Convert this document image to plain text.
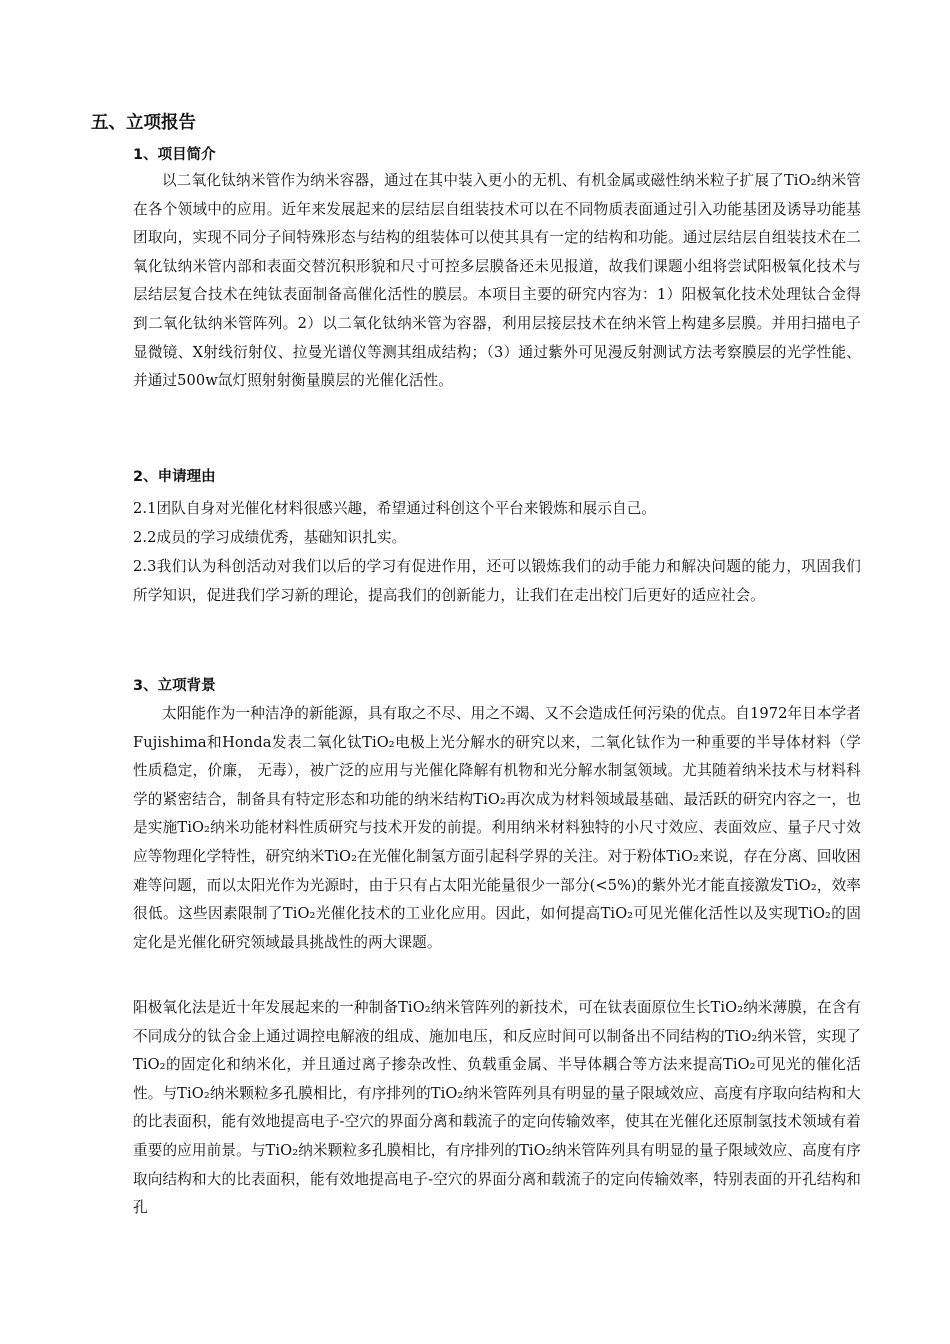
五、立项报告
1、项目简介

以二氧化钛纳米管作为纳米容器，通过在其中装入更小的无机、有机金属或磁性纳米粒子扩展了TiO₂纳米管在各个领域中的应用。近年来发展起来的层结层自组装技术可以在不同物质表面通过引入功能基团及诱导功能基团取向，实现不同分子间特殊形态与结构的组装体可以使其具有一定的结构和功能。通过层结层自组装技术在二氧化钛纳米管内部和表面交替沉积形貌和尺寸可控多层膜备还未见报道，故我们课题小组将尝试阳极氧化技术与层结层复合技术在纯钛表面制备高催化活性的膜层。本项目主要的研究内容为：1）阳极氧化技术处理钛合金得到二氧化钛纳米管阵列。2）以二氧化钛纳米管为容器，利用层接层技术在纳米管上构建多层膜。并用扫描电子显微镜、X射线衍射仪、拉曼光谱仪等测其组成结构；（3）通过紫外可见漫反射测试方法考察膜层的光学性能、并通过500w氙灯照射射衡量膜层的光催化活性。

2、申请理由

2.1团队自身对光催化材料很感兴趣，希望通过科创这个平台来锻炼和展示自己。

2.2成员的学习成绩优秀，基础知识扎实。

2.3我们认为科创活动对我们以后的学习有促进作用，还可以锻炼我们的动手能力和解决问题的能力，巩固我们所学知识，促进我们学习新的理论，提高我们的创新能力，让我们在走出校门后更好的适应社会。

3、立项背景

太阳能作为一种洁净的新能源，具有取之不尽、用之不竭、又不会造成任何污染的优点。自1972年日本学者Fujishima和Honda发表二氧化钛TiO₂电极上光分解水的研究以来，二氧化钛作为一种重要的半导体材料（学性质稳定，价廉， 无毒），被广泛的应用与光催化降解有机物和光分解水制氢领域。尤其随着纳米技术与材料科学的紧密结合，制备具有特定形态和功能的纳米结构TiO₂再次成为材料领域最基础、最活跃的研究内容之一，也是实施TiO₂纳米功能材料性质研究与技术开发的前提。利用纳米材料独特的小尺寸效应、表面效应、量子尺寸效应等物理化学特性，研究纳米TiO₂在光催化制氢方面引起科学界的关注。对于粉体TiO₂来说，存在分离、回收困难等问题，而以太阳光作为光源时，由于只有占太阳光能量很少一部分(<5%)的紫外光才能直接激发TiO₂，效率很低。这些因素限制了TiO₂光催化技术的工业化应用。因此，如何提高TiO₂可见光催化活性以及实现TiO₂的固定化是光催化研究领域最具挑战性的两大课题。

阳极氧化法是近十年发展起来的一种制备TiO₂纳米管阵列的新技术，可在钛表面原位生长TiO₂纳米薄膜，在含有不同成分的钛合金上通过调控电解液的组成、施加电压，和反应时间可以制备出不同结构的TiO₂纳米管，实现了TiO₂的固定化和纳米化，并且通过离子掺杂改性、负载重金属、半导体耦合等方法来提高TiO₂可见光的催化活性。与TiO₂纳米颗粒多孔膜相比，有序排列的TiO₂纳米管阵列具有明显的量子限域效应、高度有序取向结构和大的比表面积，能有效地提高电子-空穴的界面分离和载流子的定向传输效率，使其在光催化还原制氢技术领域有着重要的应用前景。与TiO₂纳米颗粒多孔膜相比，有序排列的TiO₂纳米管阵列具有明显的量子限域效应、高度有序取向结构和大的比表面积，能有效地提高电子-空穴的界面分离和载流子的定向传输效率，特别表面的开孔结构和孔
